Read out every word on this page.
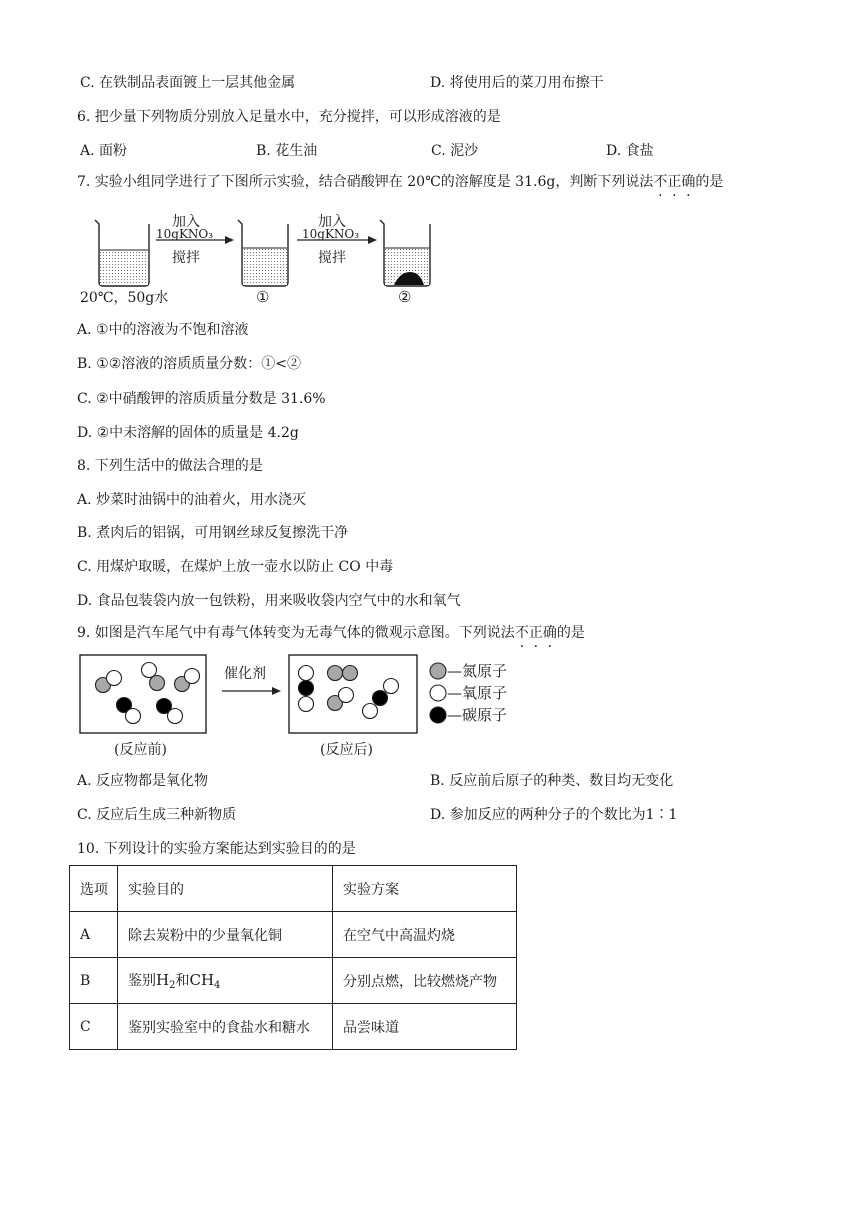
C. 在铁制品表面镀上一层其他金属	D. 将使用后的菜刀用布擦干
6. 把少量下列物质分别放入足量水中，充分搅拌，可以形成溶液的是
A. 面粉	B. 花生油	C. 泥沙	D. 食盐
7. 实验小组同学进行了下图所示实验，结合硝酸钾在 20℃的溶解度是 31.6g，判断下列说法不正确的是
20℃，50g水
加入
10gKNO₃
搅拌
①
加入
10gKNO₃
搅拌
②
A. ①中的溶液为不饱和溶液
B. ①②溶液的溶质质量分数：①<②
C. ②中硝酸钾的溶质质量分数是 31.6%
D. ②中未溶解的固体的质量是 4.2g
8. 下列生活中的做法合理的是
A. 炒菜时油锅中的油着火，用水浇灭
B. 煮肉后的铝锅，可用钢丝球反复擦洗干净
C. 用煤炉取暖，在煤炉上放一壶水以防止 CO 中毒
D. 食品包装袋内放一包铁粉，用来吸收袋内空气中的水和氧气
9. 如图是汽车尾气中有毒气体转变为无毒气体的微观示意图。下列说法不正确的是
(反应前)
催化剂
(反应后)
—氮原子
—氧原子
—碳原子
A. 反应物都是氧化物	B. 反应前后原子的种类、数目均无变化
C. 反应后生成三种新物质	D. 参加反应的两种分子的个数比为1∶1
10. 下列设计的实验方案能达到实验目的的是
选项	实验目的	实验方案
A	除去炭粉中的少量氧化铜	在空气中高温灼烧
B	鉴别$H_2$和$CH_4$	分别点燃，比较燃烧产物
C	鉴别实验室中的食盐水和糖水	品尝味道
